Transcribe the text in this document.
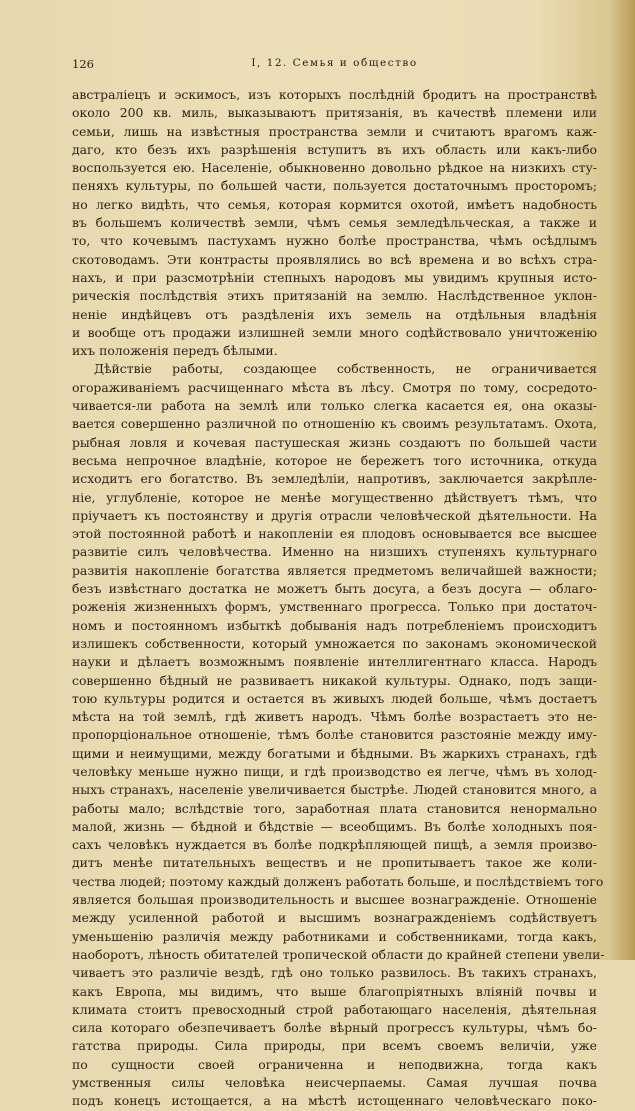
126	I, 12. Семья и общество
австраліецъ и эскимосъ, изъ которыхъ послѣдній бродитъ на пространствѣ
около 200 кв. миль, выказываютъ притязанія, въ качествѣ племени или
семьи, лишь на извѣстныя пространства земли и считаютъ врагомъ каж-
даго, кто безъ ихъ разрѣшенія вступитъ въ ихъ область или какъ-либо
воспользуется ею. Населеніе, обыкновенно довольно рѣдкое на низкихъ сту-
пеняхъ культуры, по большей части, пользуется достаточнымъ просторомъ;
но легко видѣть, что семья, которая кормится охотой, имѣетъ надобность
въ большемъ количествѣ земли, чѣмъ семья земледѣльческая, а также и
то, что кочевымъ пастухамъ нужно болѣе пространства, чѣмъ осѣдлымъ
скотоводамъ. Эти контрасты проявлялись во всѣ времена и во всѣхъ стра-
нахъ, и при разсмотрѣніи степныхъ народовъ мы увидимъ крупныя исто-
рическія послѣдствія этихъ притязаній на землю. Наслѣдственное уклон-
неніе индѣйцевъ отъ раздѣленія ихъ земель на отдѣльныя владѣнія
и вообще отъ продажи излишней земли много содѣйствовало уничтоженію
ихъ положенія передъ бѣлыми.
Дѣйствіе работы, создающее собственность, не ограничивается
огораживаніемъ расчищеннаго мѣста въ лѣсу. Смотря по тому, сосредото-
чивается-ли работа на землѣ или только слегка касается ея, она оказы-
вается совершенно различной по отношенію къ своимъ результатамъ. Охота,
рыбная ловля и кочевая пастушеская жизнь создаютъ по большей части
весьма непрочное владѣніе, которое не бережетъ того источника, откуда
исходитъ его богатство. Въ земледѣліи, напротивъ, заключается закрѣпле-
ніе, углубленіе, которое не менѣе могущественно дѣйствуетъ тѣмъ, что
пріучаетъ къ постоянству и другія отрасли человѣческой дѣятельности. На
этой постоянной работѣ и накопленіи ея плодовъ основывается все высшее
развитіе силъ человѣчества. Именно на низшихъ ступеняхъ культурнаго
развитія накопленіе богатства является предметомъ величайшей важности;
безъ извѣстнаго достатка не можетъ быть досуга, а безъ досуга — облаго-
роженія жизненныхъ формъ, умственнаго прогресса. Только при достаточ-
номъ и постоянномъ избыткѣ добыванія надъ потребленіемъ происходитъ
излишекъ собственности, который умножается по законамъ экономической
науки и дѣлаетъ возможнымъ появленіе интеллигентнаго класса. Народъ
совершенно бѣдный не развиваетъ никакой культуры. Однако, подъ защи-
тою культуры родится и остается въ живыхъ людей больше, чѣмъ достаетъ
мѣста на той землѣ, гдѣ живетъ народъ. Чѣмъ болѣе возрастаетъ это не-
пропорціональное отношеніе, тѣмъ болѣе становится разстояніе между иму-
щими и неимущими, между богатыми и бѣдными. Въ жаркихъ странахъ, гдѣ
человѣку меньше нужно пищи, и гдѣ производство ея легче, чѣмъ въ холод-
ныхъ странахъ, населеніе увеличивается быстрѣе. Людей становится много, а
работы мало; вслѣдствіе того, заработная плата становится ненормально
малой, жизнь — бѣдной и бѣдствіе — всеобщимъ. Въ болѣе холодныхъ поя-
сахъ человѣкъ нуждается въ болѣе подкрѣпляющей пищѣ, а земля произво-
дитъ менѣе питательныхъ веществъ и не пропитываетъ такое же коли-
чества людей; поэтому каждый долженъ работать больше, и послѣдствіемъ того
является большая производительность и высшее вознагражденіе. Отношеніе
между усиленной работой и высшимъ вознагражденіемъ содѣйствуетъ
уменьшенію различія между работниками и собственниками, тогда какъ,
наоборотъ, лѣность обитателей тропической области до крайней степени увели-
чиваетъ это различіе вездѣ, гдѣ оно только развилось. Въ такихъ странахъ,
какъ Европа, мы видимъ, что выше благопріятныхъ вліяній почвы и
климата стоитъ превосходный строй работающаго населенія, дѣятельная
сила котораго обезпечиваетъ болѣе вѣрный прогрессъ культуры, чѣмъ бо-
гатства природы. Сила природы, при всемъ своемъ величіи, уже
по сущности своей ограниченна и неподвижна, тогда какъ
умственныя силы человѣка неисчерпаемы. Самая лучшая почва
подъ конецъ истощается, а на мѣстѣ истощеннаго человѣческаго поко-
